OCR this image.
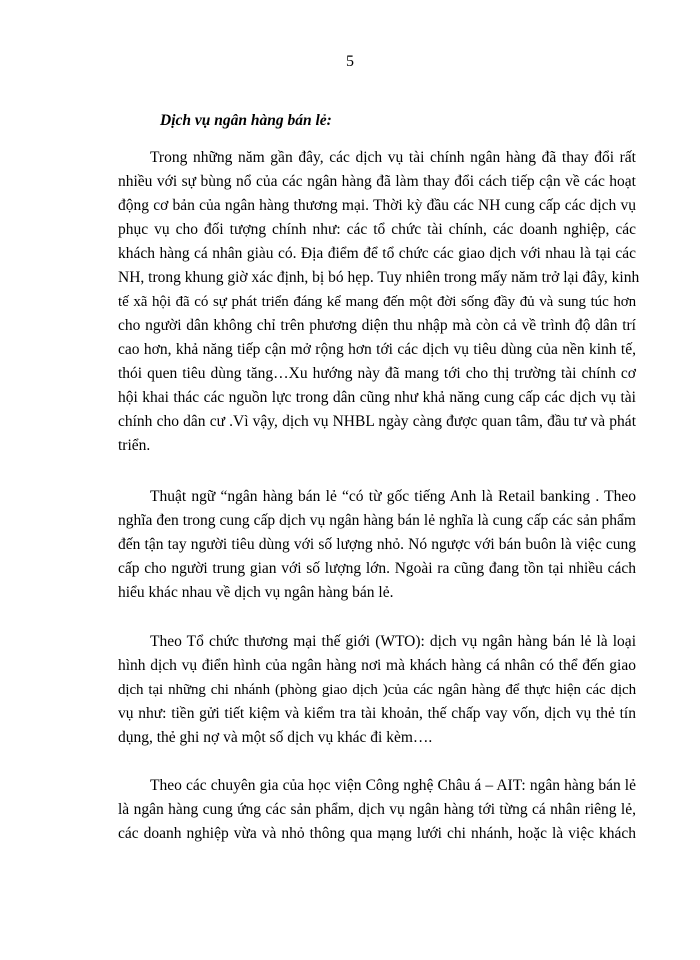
5
Dịch vụ ngân hàng bán lẻ:
Trong những năm gần đây, các dịch vụ tài chính ngân hàng đã thay đổi rất
nhiều với sự bùng nổ của các ngân hàng đã làm thay đổi cách tiếp cận về các hoạt
động cơ bản của ngân hàng thương mại. Thời kỳ đầu các NH cung cấp các dịch vụ
phục vụ cho đối tượng chính như: các tổ chức tài chính, các doanh nghiệp, các
khách hàng cá nhân giàu có. Địa điểm để tổ chức các giao dịch với nhau là tại các
NH, trong khung giờ xác định, bị bó hẹp. Tuy nhiên trong mấy năm trở lại đây, kinh
tế xã hội đã có sự phát triển đáng kể mang đến một đời sống đầy đủ và sung túc hơn
cho người dân không chỉ trên phương diện thu nhập mà còn cả về trình độ dân trí
cao hơn, khả năng tiếp cận mở rộng hơn tới các dịch vụ tiêu dùng của nền kinh tế,
thói quen tiêu dùng tăng…Xu hướng này đã mang tới cho thị trường tài chính cơ
hội khai thác các nguồn lực trong dân cũng như khả năng cung cấp các dịch vụ tài
chính cho dân cư .Vì vậy, dịch vụ NHBL ngày càng được quan tâm, đầu tư và phát
triển.
Thuật ngữ “ngân hàng bán lẻ “có từ gốc tiếng Anh là Retail banking . Theo
nghĩa đen trong cung cấp dịch vụ ngân hàng bán lẻ nghĩa là cung cấp các sản phẩm
đến tận tay người tiêu dùng với số lượng nhỏ. Nó ngược với bán buôn là việc cung
cấp cho người trung gian với số lượng lớn. Ngoài ra cũng đang tồn tại nhiều cách
hiểu khác nhau về dịch vụ ngân hàng bán lẻ.
Theo Tổ chức thương mại thế giới (WTO): dịch vụ ngân hàng bán lẻ là loại
hình dịch vụ điển hình của ngân hàng nơi mà khách hàng cá nhân có thể đến giao
dịch tại những chi nhánh (phòng giao dịch )của các ngân hàng để thực hiện các dịch
vụ như: tiền gửi tiết kiệm và kiểm tra tài khoản, thế chấp vay vốn, dịch vụ thẻ tín
dụng, thẻ ghi nợ và một số dịch vụ khác đi kèm….
Theo các chuyên gia của học viện Công nghệ Châu á – AIT: ngân hàng bán lẻ
là ngân hàng cung ứng các sản phẩm, dịch vụ ngân hàng tới từng cá nhân riêng lẻ,
các doanh nghiệp vừa và nhỏ thông qua mạng lưới chi nhánh, hoặc là việc khách
